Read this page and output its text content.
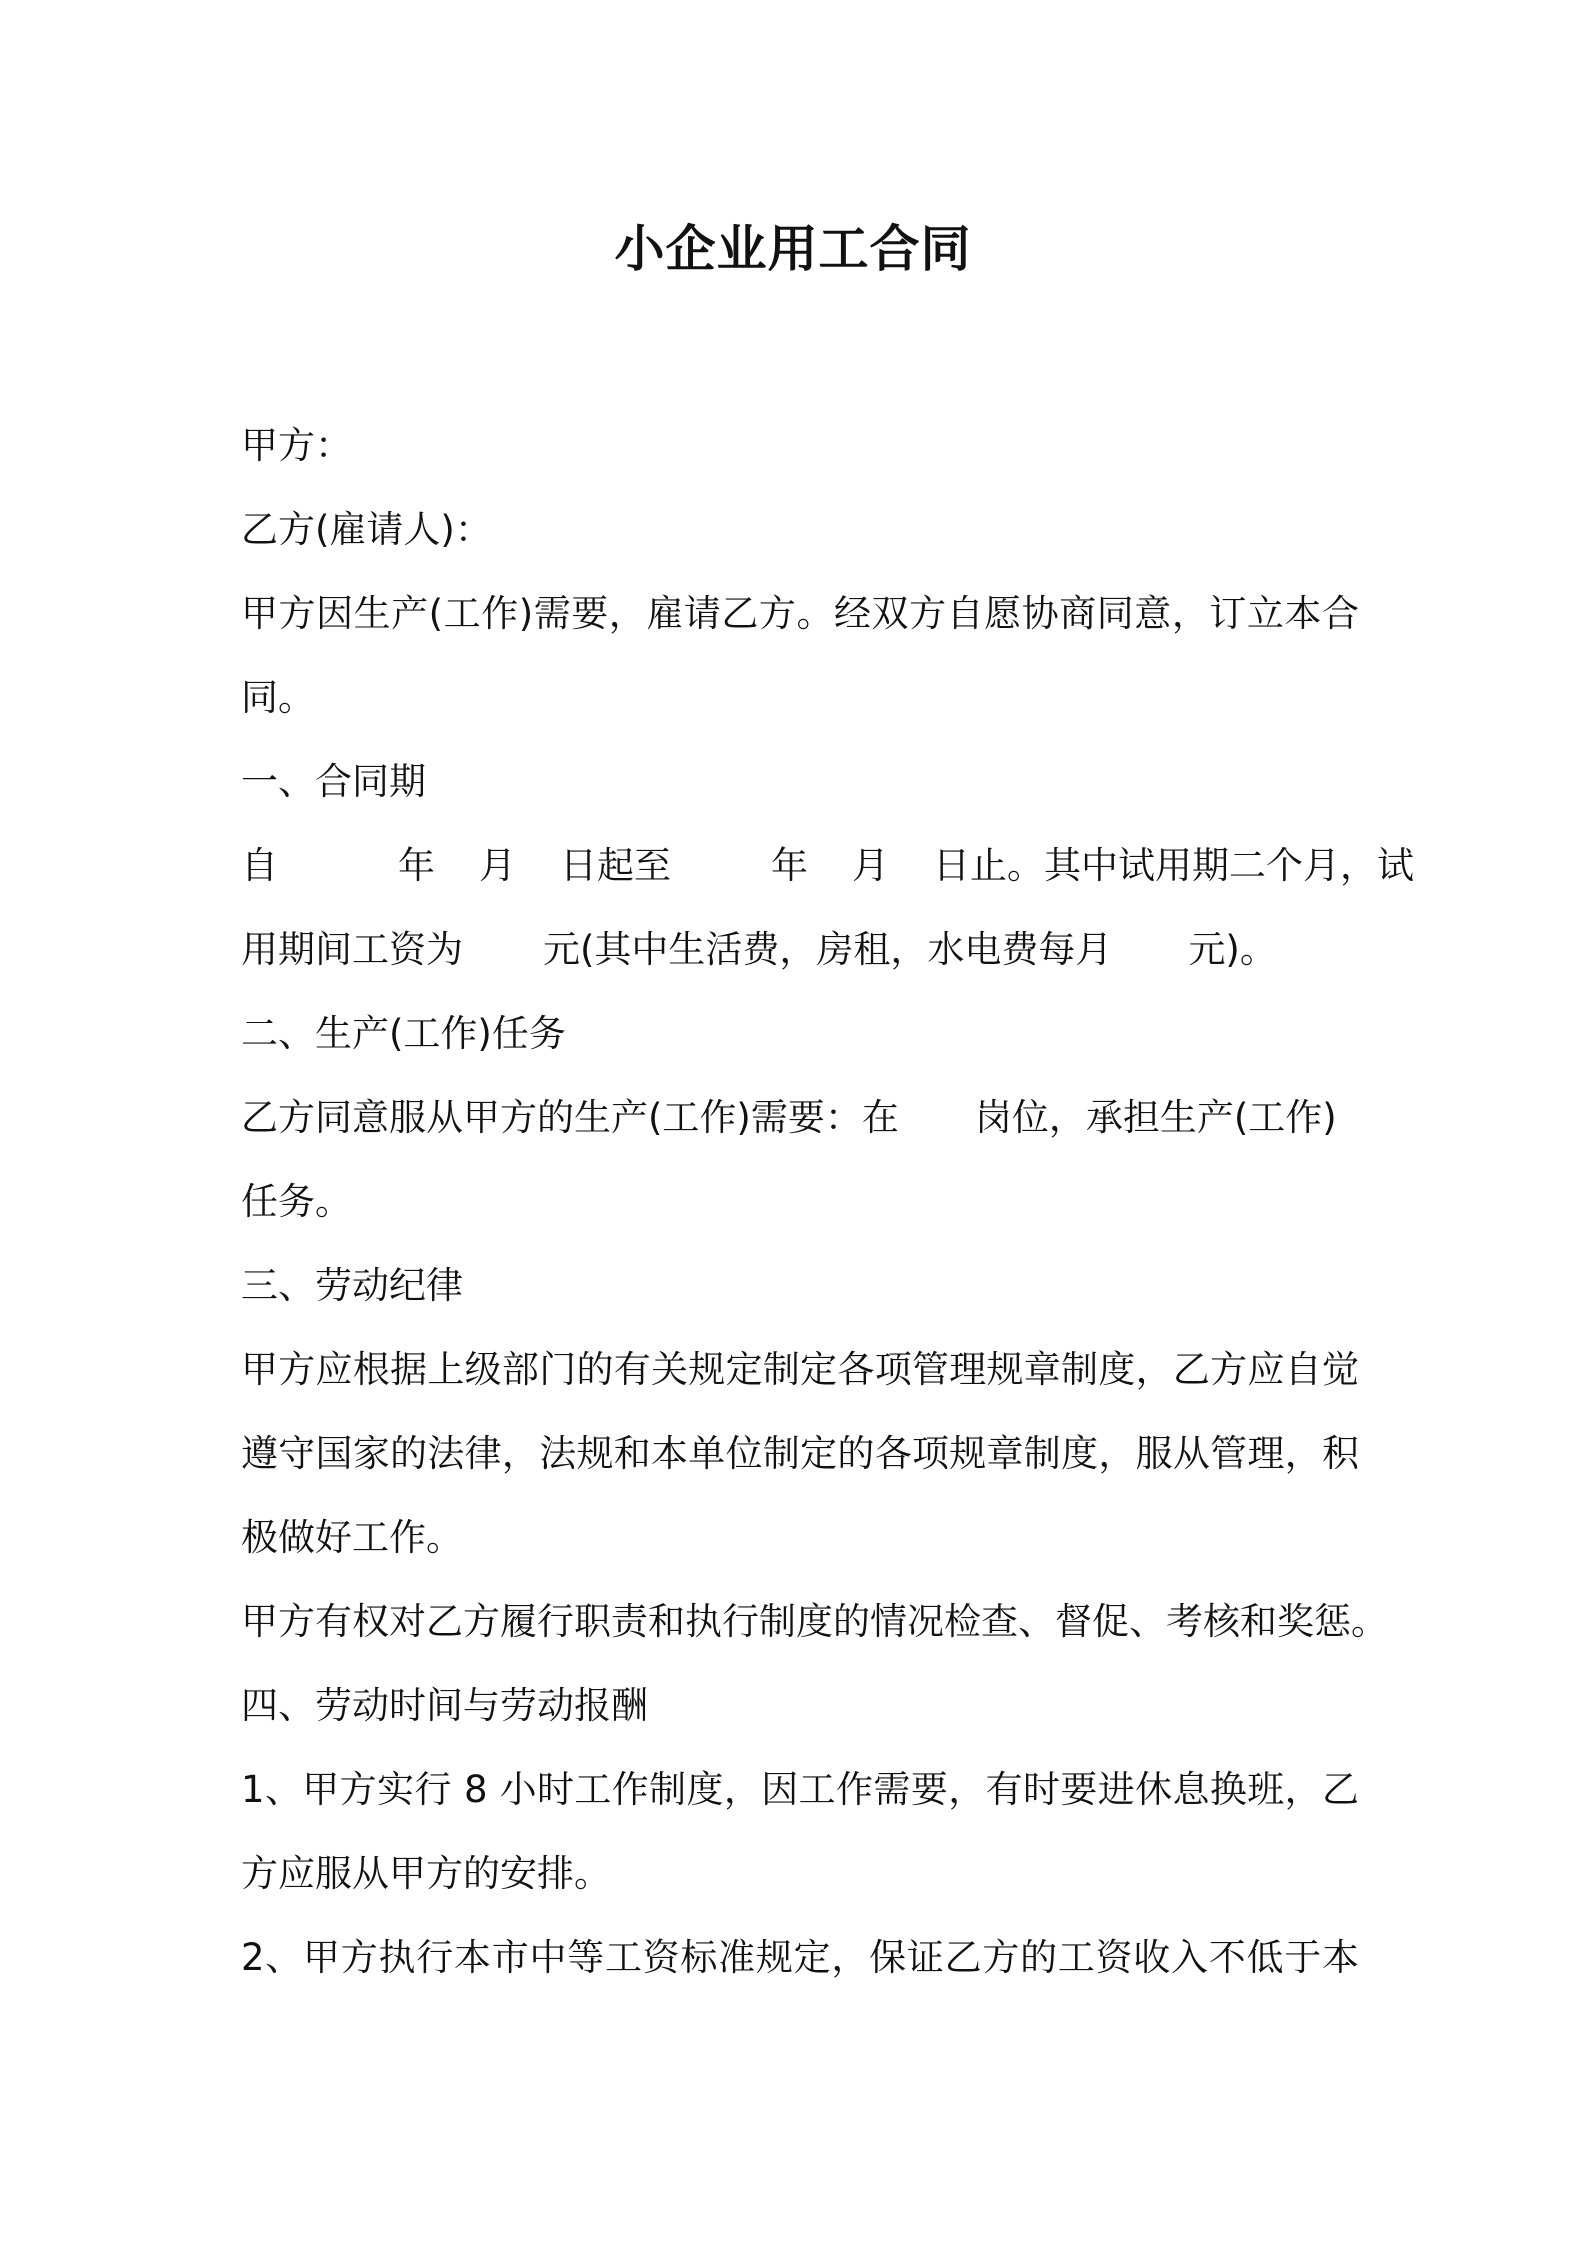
小企业用工合同
甲方：
乙方(雇请人)：
甲方因生产(工作)需要，雇请乙方。经双方自愿协商同意，订立本合
同。
一、合同期
自	年 月 日起至	年 月 日止。其中试用期二个月，试
用期间工资为 元(其中生活费，房租，水电费每月 元)。
二、生产(工作)任务
乙方同意服从甲方的生产(工作)需要：在 岗位，承担生产(工作)
任务。
三、劳动纪律
甲方应根据上级部门的有关规定制定各项管理规章制度，乙方应自觉
遵守国家的法律，法规和本单位制定的各项规章制度，服从管理，积
极做好工作。
甲方有权对乙方履行职责和执行制度的情况检查、督促、考核和奖惩。
四、劳动时间与劳动报酬
1、甲方实行 8 小时工作制度，因工作需要，有时要进休息换班，乙
方应服从甲方的安排。
2、甲方执行本市中等工资标准规定，保证乙方的工资收入不低于本
